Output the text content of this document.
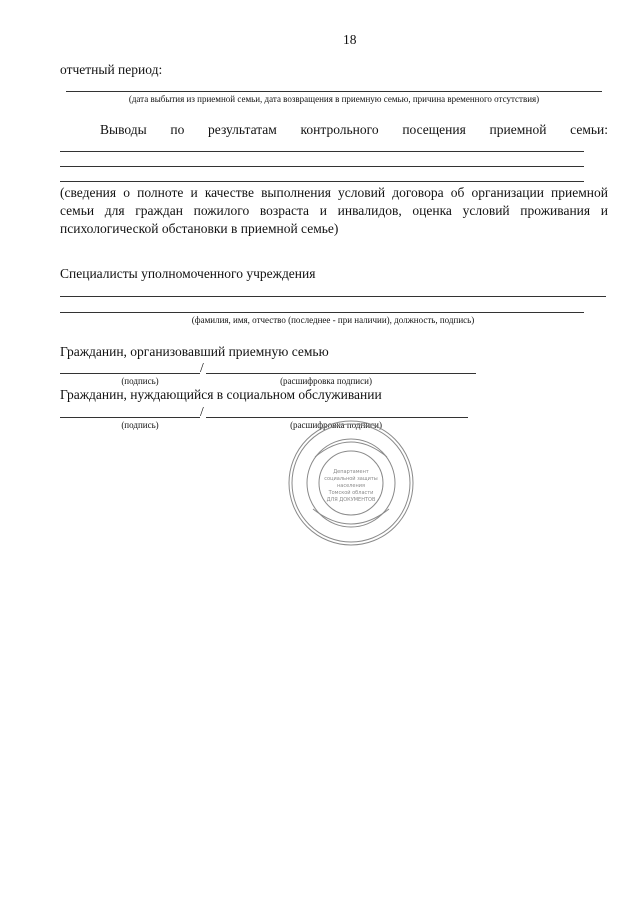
18
отчетный период:
(дата выбытия из приемной семьи, дата возвращения в приемную семью, причина временного отсутствия)
Выводы по результатам контрольного посещения приемной семьи:
(сведения о полноте и качестве выполнения условий договора об организации приемной
семьи для граждан пожилого возраста и инвалидов, оценка условий проживания и
психологической обстановки в приемной семье)
Специалисты уполномоченного учреждения
(фамилия, имя, отчество (последнее - при наличии), должность, подпись)
Гражданин, организовавший приемную семью
/
(подпись)	(расшифровка подписи)
Гражданин, нуждающийся в социальном обслуживании
/
(подпись)	(расшифровка подписи)
Департамент
социальной защиты
населения
Томской области
ДЛЯ ДОКУМЕНТОВ
